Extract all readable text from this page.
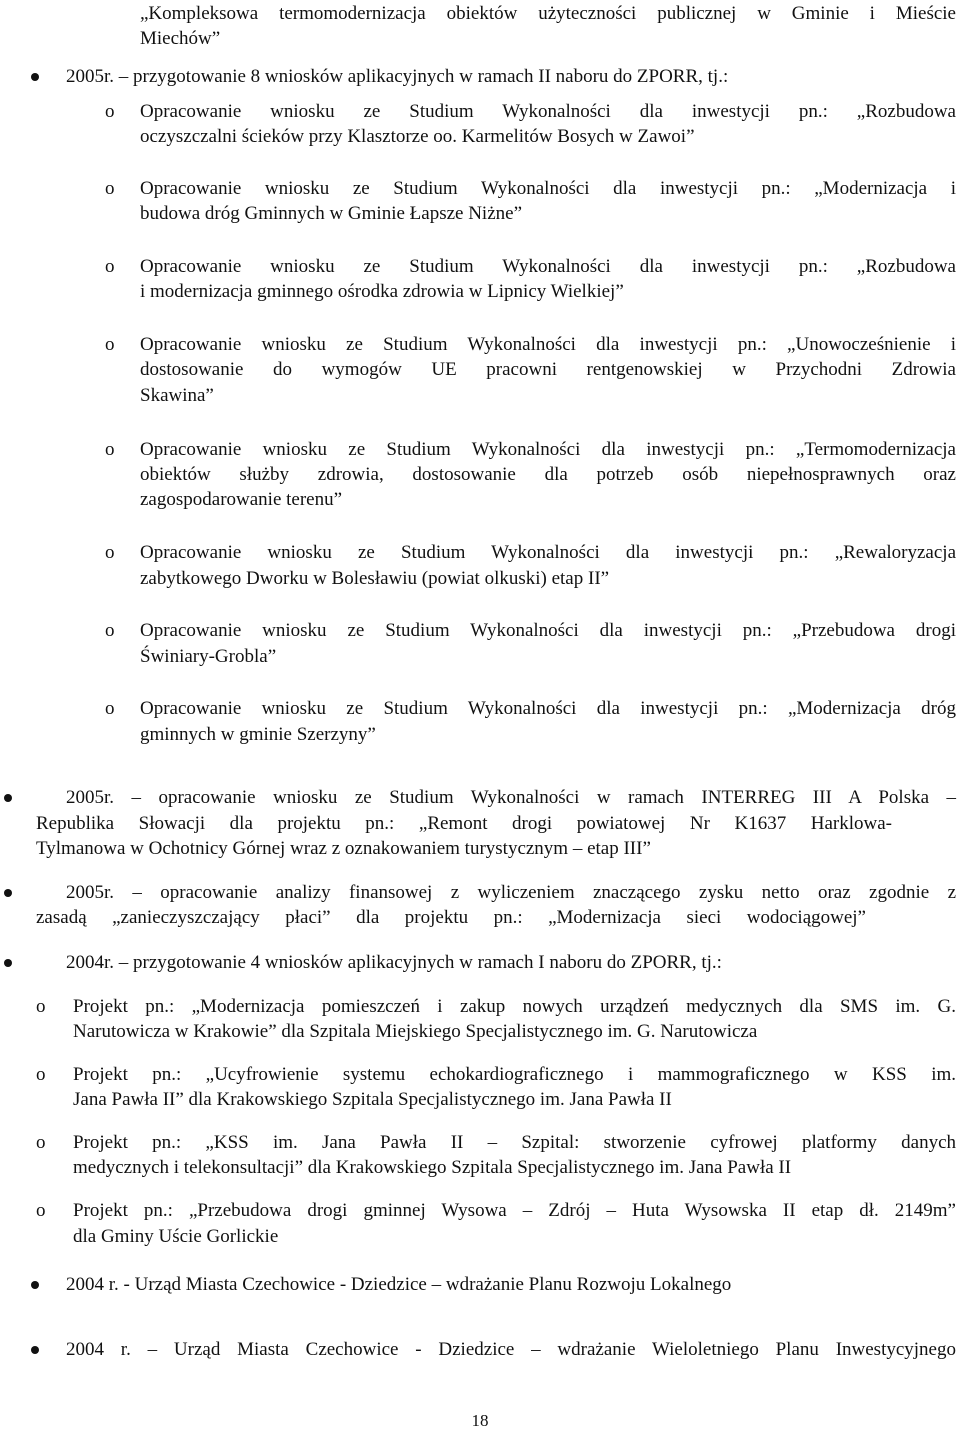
„Kompleksowa termomodernizacja obiektów użyteczności publicznej w Gminie i Mieście
Miechów”
2005r. – przygotowanie 8 wniosków aplikacyjnych w ramach II naboru do ZPORR, tj.:
o Opracowanie wniosku ze Studium Wykonalności dla inwestycji pn.: „Rozbudowa
oczyszczalni ścieków przy Klasztorze oo. Karmelitów Bosych w Zawoi”
o Opracowanie wniosku ze Studium Wykonalności dla inwestycji pn.: „Modernizacja i
budowa dróg Gminnych w Gminie Łapsze Niżne”
o Opracowanie wniosku ze Studium Wykonalności dla inwestycji pn.: „Rozbudowa
i modernizacja gminnego ośrodka zdrowia w Lipnicy Wielkiej”
o Opracowanie wniosku ze Studium Wykonalności dla inwestycji pn.: „Unowocześnienie i
dostosowanie do wymogów UE pracowni rentgenowskiej w Przychodni Zdrowia
Skawina”
o Opracowanie wniosku ze Studium Wykonalności dla inwestycji pn.: „Termomodernizacja
obiektów służby zdrowia, dostosowanie dla potrzeb osób niepełnosprawnych oraz
zagospodarowanie terenu”
o Opracowanie wniosku ze Studium Wykonalności dla inwestycji pn.: „Rewaloryzacja
zabytkowego Dworku w Bolesławiu (powiat olkuski) etap II”
o Opracowanie wniosku ze Studium Wykonalności dla inwestycji pn.: „Przebudowa drogi
Świniary-Grobla”
o Opracowanie wniosku ze Studium Wykonalności dla inwestycji pn.: „Modernizacja dróg
gminnych w gminie Szerzyny”
2005r. – opracowanie wniosku ze Studium Wykonalności w ramach INTERREG III A Polska –
Republika Słowacji dla projektu pn.: „Remont drogi powiatowej Nr K1637 Harklowa-
Tylmanowa w Ochotnicy Górnej wraz z oznakowaniem turystycznym – etap III”
2005r. – opracowanie analizy finansowej z wyliczeniem znaczącego zysku netto oraz zgodnie z
zasadą „zanieczyszczający płaci” dla projektu pn.: „Modernizacja sieci wodociągowej”
2004r. – przygotowanie 4 wniosków aplikacyjnych w ramach I naboru do ZPORR, tj.:
o Projekt pn.: „Modernizacja pomieszczeń i zakup nowych urządzeń medycznych dla SMS im. G.
Narutowicza w Krakowie” dla Szpitala Miejskiego Specjalistycznego im. G. Narutowicza
o Projekt pn.: „Ucyfrowienie systemu echokardiograficznego i mammograficznego w KSS im.
Jana Pawła II” dla Krakowskiego Szpitala Specjalistycznego im. Jana Pawła II
o Projekt pn.: „KSS im. Jana Pawła II – Szpital: stworzenie cyfrowej platformy danych
medycznych i telekonsultacji” dla Krakowskiego Szpitala Specjalistycznego im. Jana Pawła II
o Projekt pn.: „Przebudowa drogi gminnej Wysowa – Zdrój – Huta Wysowska II etap dł. 2149m”
dla Gminy Uście Gorlickie
2004 r. - Urząd Miasta Czechowice - Dziedzice – wdrażanie Planu Rozwoju Lokalnego
2004 r. – Urząd Miasta Czechowice - Dziedzice – wdrażanie Wieloletniego Planu Inwestycyjnego
18
